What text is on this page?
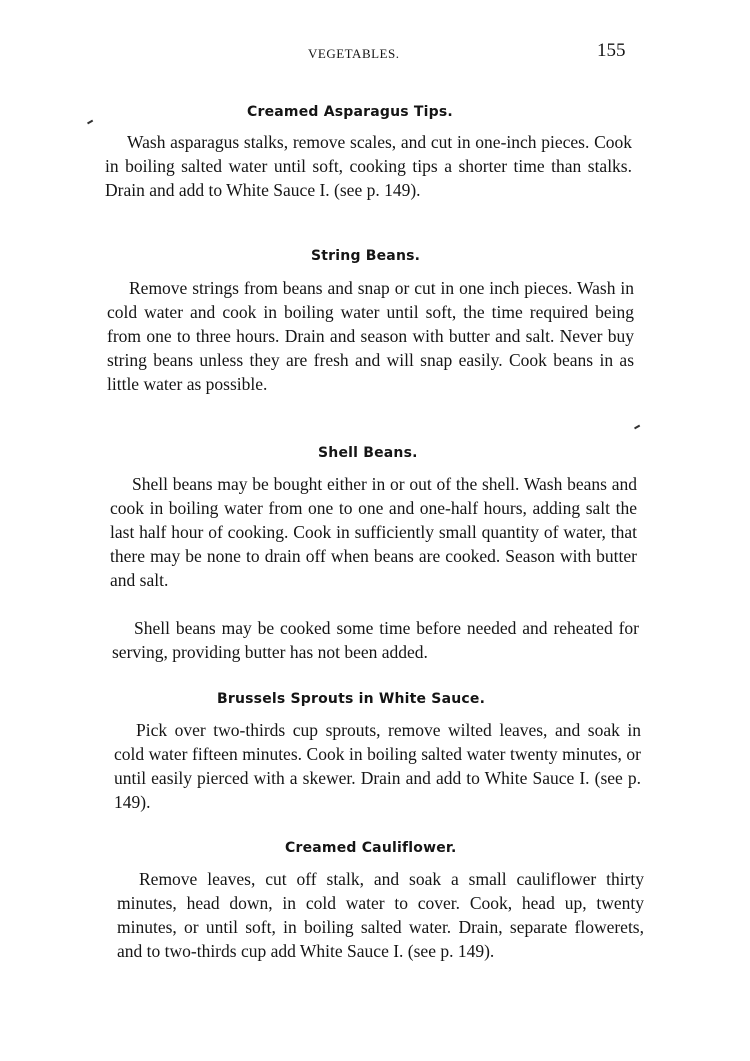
VEGETABLES.	155
Creamed Asparagus Tips.
Wash asparagus stalks, remove scales, and cut in one-inch pieces. Cook in boiling salted water until soft, cooking tips a shorter time than stalks. Drain and add to White Sauce I. (see p. 149).
String Beans.
Remove strings from beans and snap or cut in one inch pieces. Wash in cold water and cook in boiling water until soft, the time required being from one to three hours. Drain and season with butter and salt. Never buy string beans unless they are fresh and will snap easily. Cook beans in as little water as possible.
Shell Beans.
Shell beans may be bought either in or out of the shell. Wash beans and cook in boiling water from one to one and one-half hours, adding salt the last half hour of cooking. Cook in sufficiently small quantity of water, that there may be none to drain off when beans are cooked. Season with butter and salt.
Shell beans may be cooked some time before needed and reheated for serving, providing butter has not been added.
Brussels Sprouts in White Sauce.
Pick over two-thirds cup sprouts, remove wilted leaves, and soak in cold water fifteen minutes. Cook in boiling salted water twenty minutes, or until easily pierced with a skewer. Drain and add to White Sauce I. (see p. 149).
Creamed Cauliflower.
Remove leaves, cut off stalk, and soak a small cauliflower thirty minutes, head down, in cold water to cover. Cook, head up, twenty minutes, or until soft, in boiling salted water. Drain, separate flowerets, and to two-thirds cup add White Sauce I. (see p. 149).
